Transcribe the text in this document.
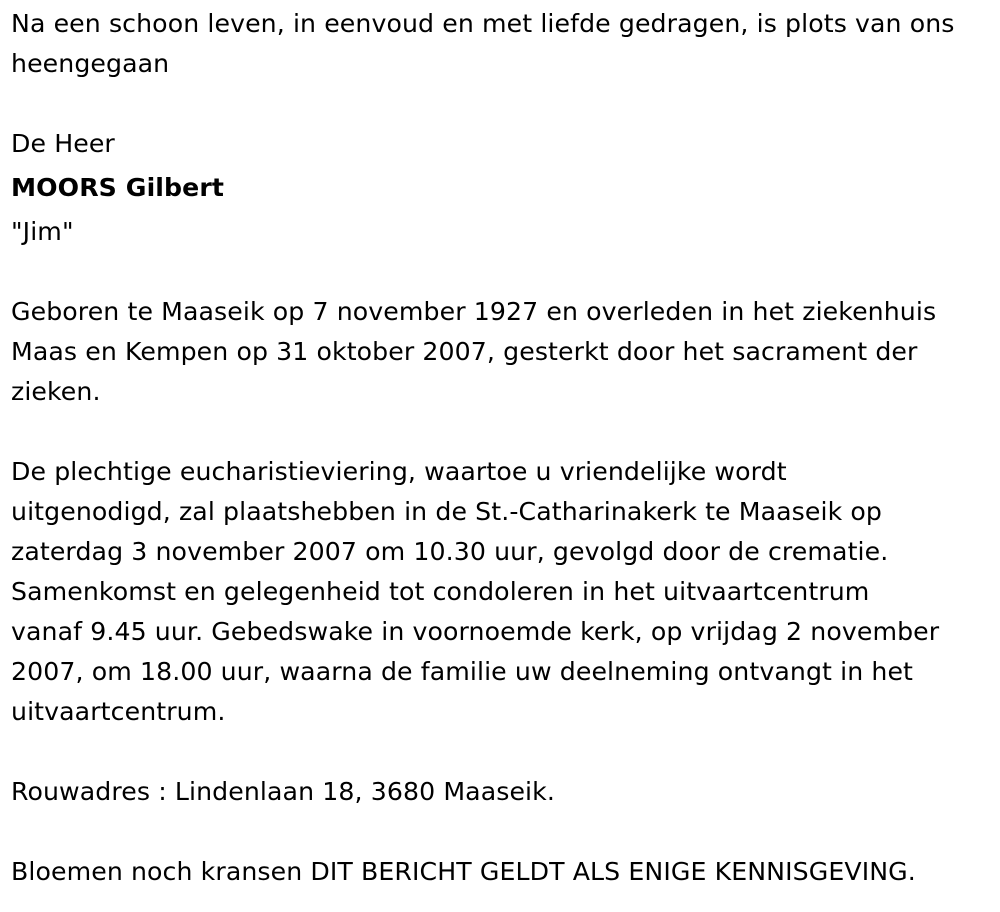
Na een schoon leven, in eenvoud en met liefde gedragen, is plots van ons
heengegaan
De Heer
MOORS Gilbert
"Jim"
Geboren te Maaseik op 7 november 1927 en overleden in het ziekenhuis
Maas en Kempen op 31 oktober 2007, gesterkt door het sacrament der
zieken.
De plechtige eucharistieviering, waartoe u vriendelijke wordt
uitgenodigd, zal plaatshebben in de St.-Catharinakerk te Maaseik op
zaterdag 3 november 2007 om 10.30 uur, gevolgd door de crematie.
Samenkomst en gelegenheid tot condoleren in het uitvaartcentrum
vanaf 9.45 uur. Gebedswake in voornoemde kerk, op vrijdag 2 november
2007, om 18.00 uur, waarna de familie uw deelneming ontvangt in het
uitvaartcentrum.
Rouwadres : Lindenlaan 18, 3680 Maaseik.
Bloemen noch kransen DIT BERICHT GELDT ALS ENIGE KENNISGEVING.
